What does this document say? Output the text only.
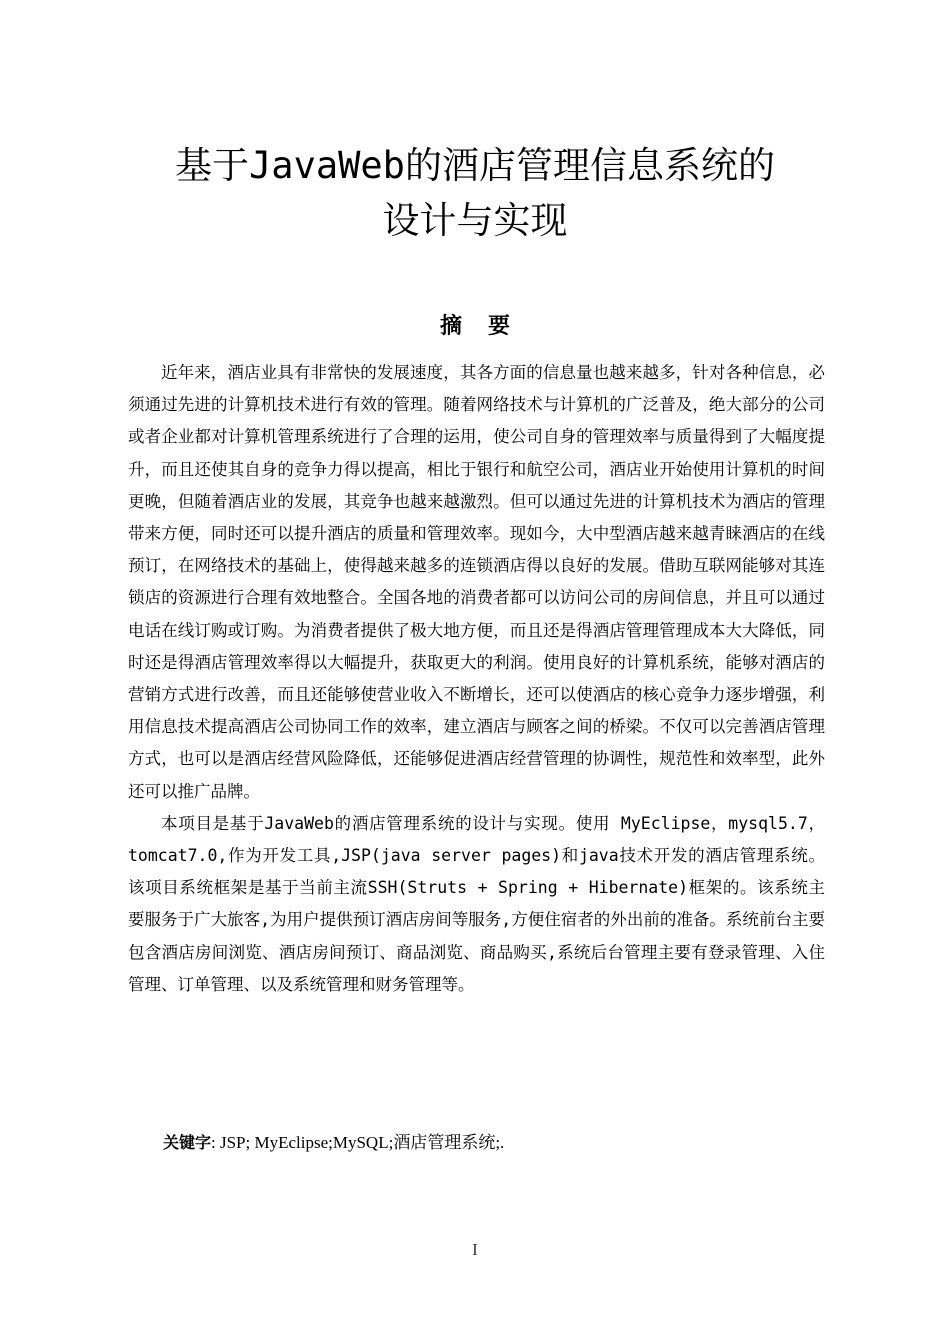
基于JavaWeb的酒店管理信息系统的
设计与实现
摘要

近年来，酒店业具有非常快的发展速度，其各方面的信息量也越来越多，针对各种信息，必须通过先进的计算机技术进行有效的管理。随着网络技术与计算机的广泛普及，绝大部分的公司或者企业都对计算机管理系统进行了合理的运用，使公司自身的管理效率与质量得到了大幅度提升，而且还使其自身的竞争力得以提高，相比于银行和航空公司，酒店业开始使用计算机的时间更晚，但随着酒店业的发展，其竞争也越来越激烈。但可以通过先进的计算机技术为酒店的管理带来方便，同时还可以提升酒店的质量和管理效率。现如今，大中型酒店越来越青睐酒店的在线预订，在网络技术的基础上，使得越来越多的连锁酒店得以良好的发展。借助互联网能够对其连锁店的资源进行合理有效地整合。全国各地的消费者都可以访问公司的房间信息，并且可以通过电话在线订购或订购。为消费者提供了极大地方便，而且还是得酒店管理管理成本大大降低，同时还是得酒店管理效率得以大幅提升，获取更大的利润。使用良好的计算机系统，能够对酒店的营销方式进行改善，而且还能够使营业收入不断增长，还可以使酒店的核心竞争力逐步增强，利用信息技术提高酒店公司协同工作的效率，建立酒店与顾客之间的桥梁。不仅可以完善酒店管理方式，也可以是酒店经营风险降低，还能够促进酒店经营管理的协调性，规范性和效率型，此外还可以推广品牌。

本项目是基于JavaWeb的酒店管理系统的设计与实现。使用 MyEclipse，mysql5.7，tomcat7.0,作为开发工具,JSP(java server pages)和java技术开发的酒店管理系统。该项目系统框架是基于当前主流SSH(Struts + Spring + Hibernate)框架的。该系统主要服务于广大旅客,为用户提供预订酒店房间等服务,方便住宿者的外出前的准备。系统前台主要包含酒店房间浏览、酒店房间预订、商品浏览、商品购买,系统后台管理主要有登录管理、入住管理、订单管理、以及系统管理和财务管理等。

关键字: JSP; MyEclipse;MySQL;酒店管理系统;.

I
